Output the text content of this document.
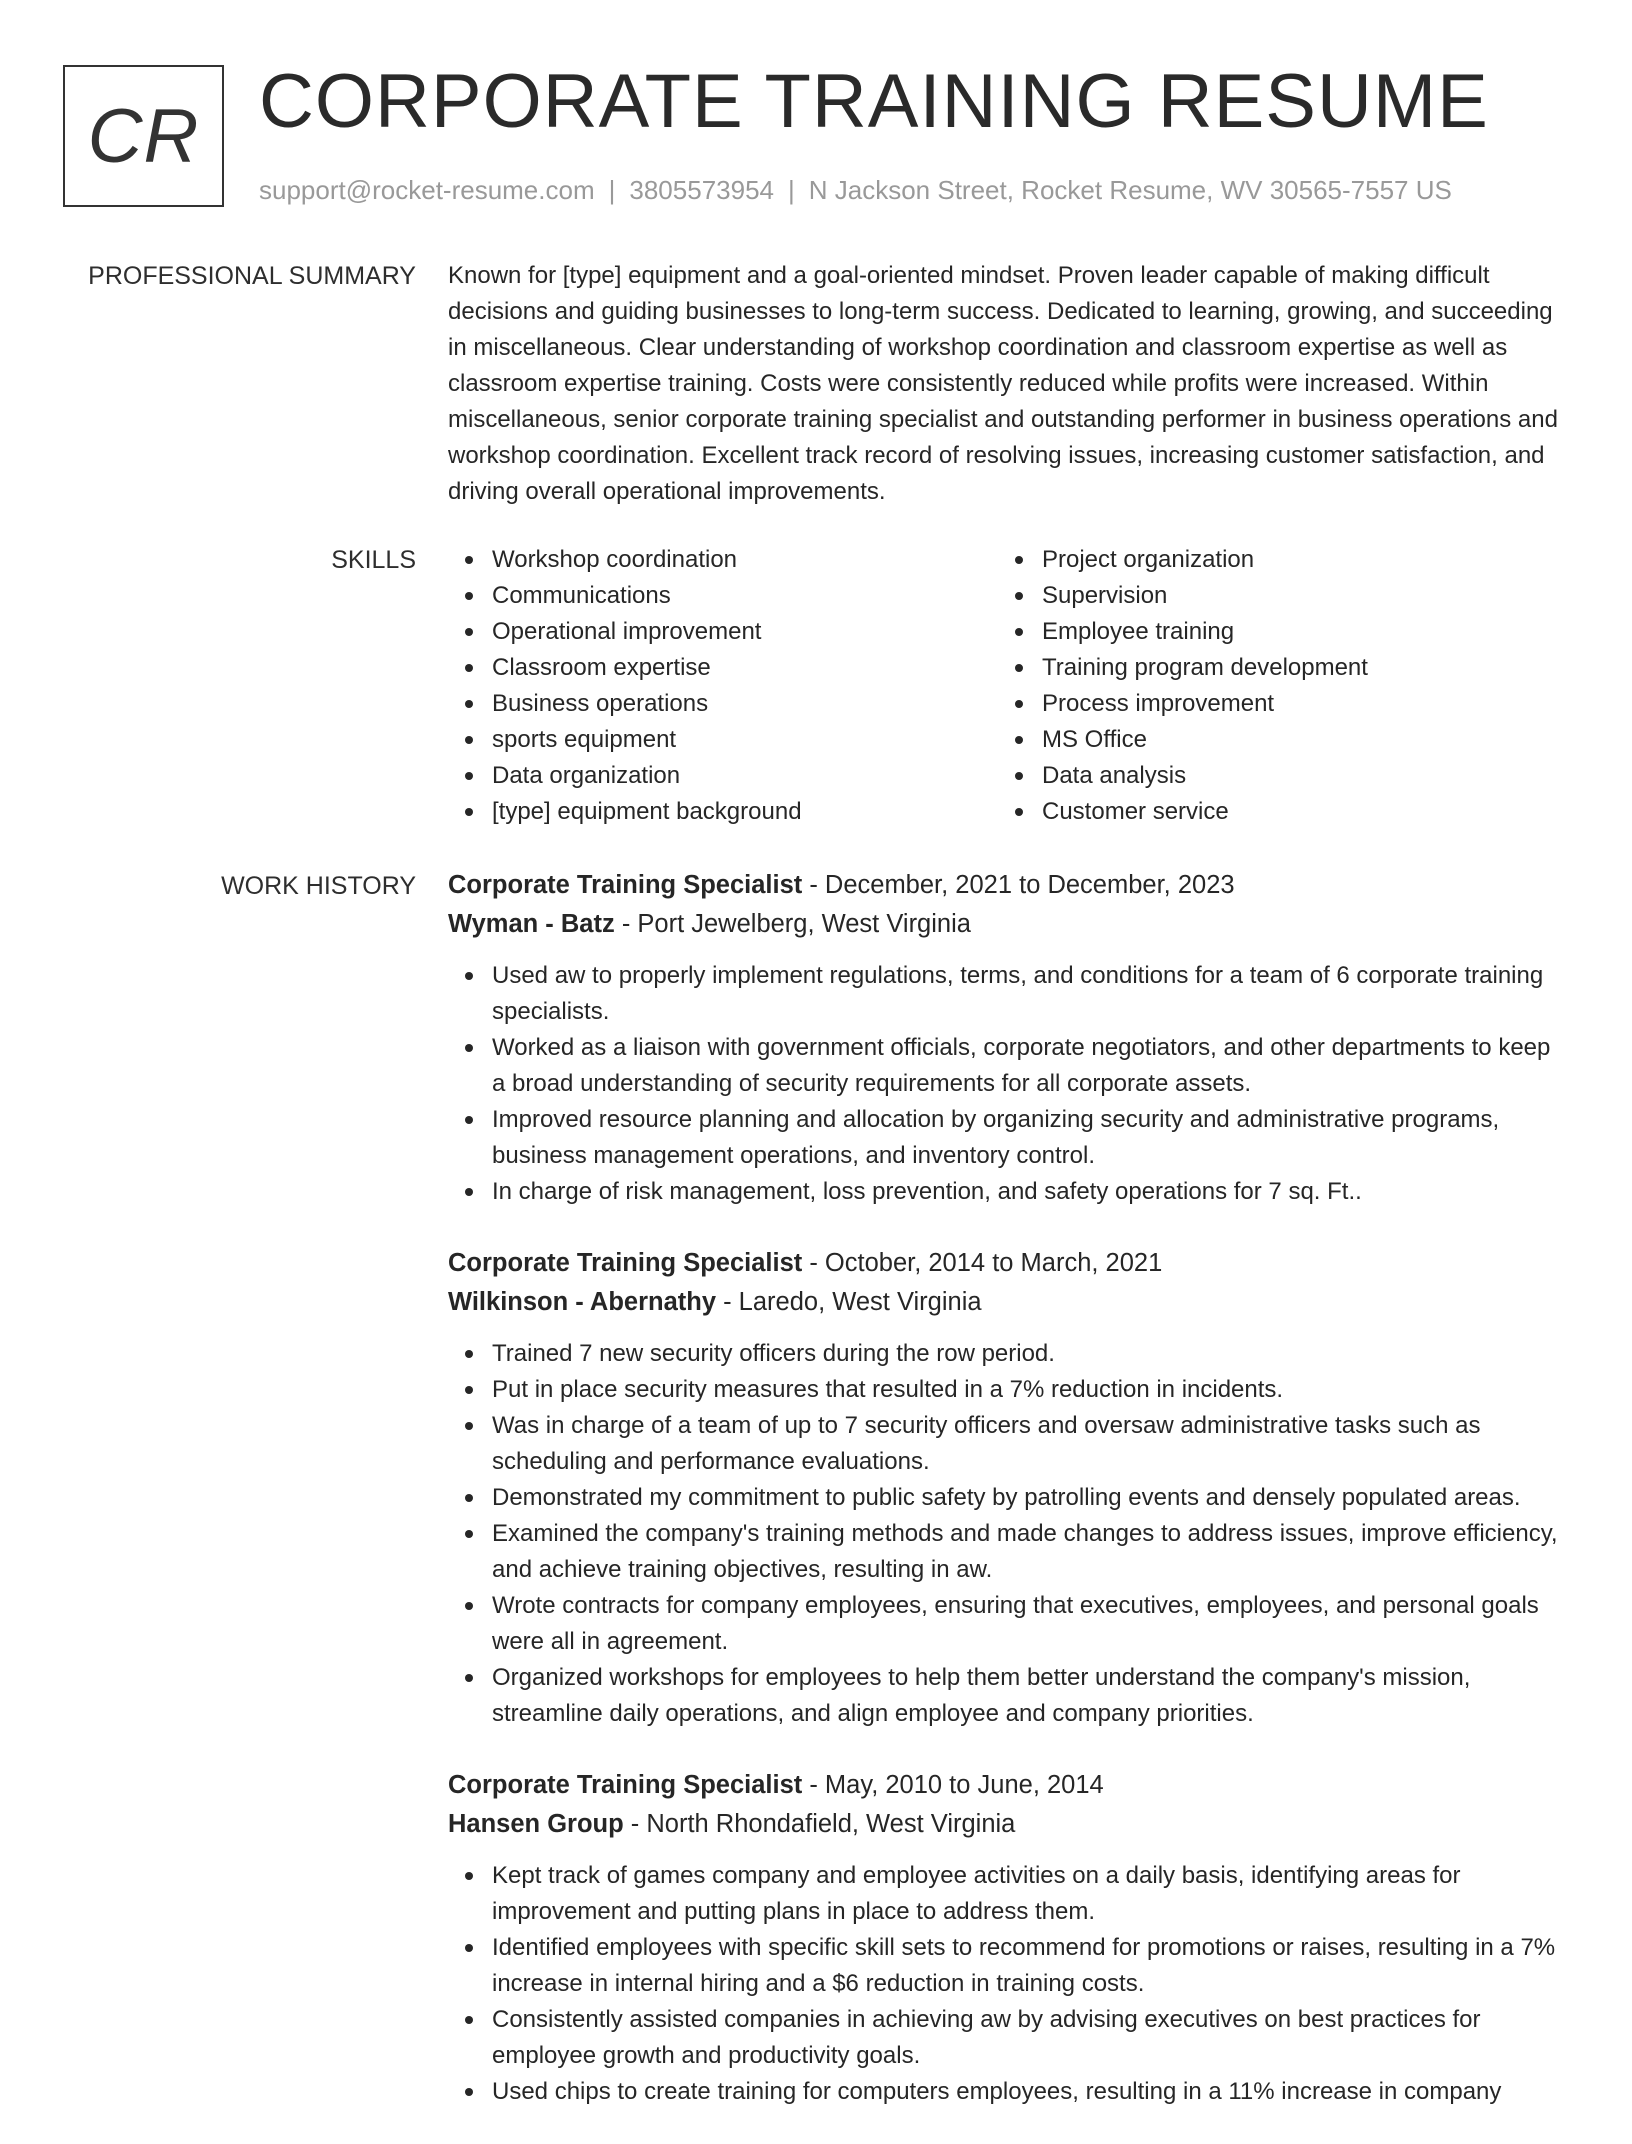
CR CORPORATE TRAINING RESUME
support@rocket-resume.com | 3805573954 | N Jackson Street, Rocket Resume, WV 30565-7557 US
PROFESSIONAL SUMMARY Known for [type] equipment and a goal-oriented mindset. Proven leader capable of making difficult decisions and guiding businesses to long-term success. Dedicated to learning, growing, and succeeding in miscellaneous. Clear understanding of workshop coordination and classroom expertise as well as classroom expertise training. Costs were consistently reduced while profits were increased. Within miscellaneous, senior corporate training specialist and outstanding performer in business operations and workshop coordination. Excellent track record of resolving issues, increasing customer satisfaction, and driving overall operational improvements.

SKILLS	Workshop coordination
Communications
Operational improvement
Classroom expertise
Business operations
sports equipment
Data organization
[type] equipment background
Project organization
Supervision
Employee training
Training program development
Process improvement
MS Office
Data analysis
Customer service
WORK HISTORY Corporate Training Specialist - December, 2021 to December, 2023
Wyman - Batz - Port Jewelberg, West Virginia
Used aw to properly implement regulations, terms, and conditions for a team of 6 corporate training specialists.
Worked as a liaison with government officials, corporate negotiators, and other departments to keep a broad understanding of security requirements for all corporate assets.
Improved resource planning and allocation by organizing security and administrative programs, business management operations, and inventory control.
In charge of risk management, loss prevention, and safety operations for 7 sq. Ft..
Corporate Training Specialist - October, 2014 to March, 2021
Wilkinson - Abernathy - Laredo, West Virginia
Trained 7 new security officers during the row period.
Put in place security measures that resulted in a 7% reduction in incidents.
Was in charge of a team of up to 7 security officers and oversaw administrative tasks such as scheduling and performance evaluations.
Demonstrated my commitment to public safety by patrolling events and densely populated areas.
Examined the company's training methods and made changes to address issues, improve efficiency, and achieve training objectives, resulting in aw.
Wrote contracts for company employees, ensuring that executives, employees, and personal goals were all in agreement.
Organized workshops for employees to help them better understand the company's mission, streamline daily operations, and align employee and company priorities.
Corporate Training Specialist - May, 2010 to June, 2014
Hansen Group - North Rhondafield, West Virginia
Kept track of games company and employee activities on a daily basis, identifying areas for improvement and putting plans in place to address them.
Identified employees with specific skill sets to recommend for promotions or raises, resulting in a 7% increase in internal hiring and a $6 reduction in training costs.
Consistently assisted companies in achieving aw by advising executives on best practices for employee growth and productivity goals.
Used chips to create training for computers employees, resulting in a 11% increase in company
